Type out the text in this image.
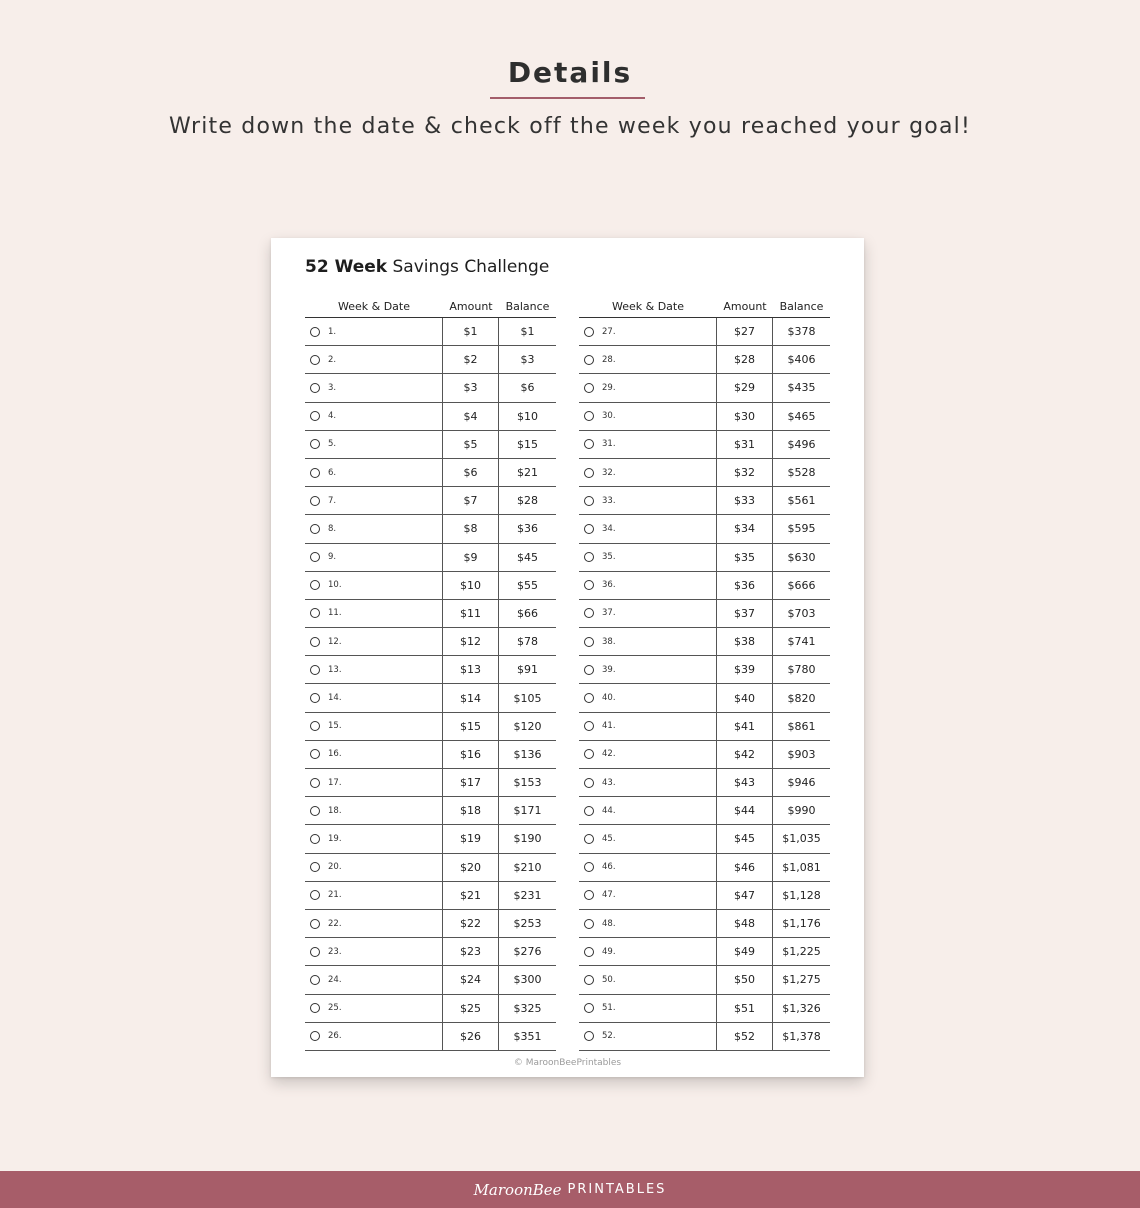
Details
Write down the date & check off the week you reached your goal!
52 Week Savings Challenge
Week & Date	Amount	Balance
1.	$1	$1
2.	$2	$3
3.	$3	$6
4.	$4	$10
5.	$5	$15
6.	$6	$21
7.	$7	$28
8.	$8	$36
9.	$9	$45
10.	$10	$55
11.	$11	$66
12.	$12	$78
13.	$13	$91
14.	$14	$105
15.	$15	$120
16.	$16	$136
17.	$17	$153
18.	$18	$171
19.	$19	$190
20.	$20	$210
21.	$21	$231
22.	$22	$253
23.	$23	$276
24.	$24	$300
25.	$25	$325
26.	$26	$351
Week & Date	Amount	Balance
27.	$27	$378
28.	$28	$406
29.	$29	$435
30.	$30	$465
31.	$31	$496
32.	$32	$528
33.	$33	$561
34.	$34	$595
35.	$35	$630
36.	$36	$666
37.	$37	$703
38.	$38	$741
39.	$39	$780
40.	$40	$820
41.	$41	$861
42.	$42	$903
43.	$43	$946
44.	$44	$990
45.	$45	$1,035
46.	$46	$1,081
47.	$47	$1,128
48.	$48	$1,176
49.	$49	$1,225
50.	$50	$1,275
51.	$51	$1,326
52.	$52	$1,378
© MaroonBeePrintables
MaroonBee PRINTABLES
